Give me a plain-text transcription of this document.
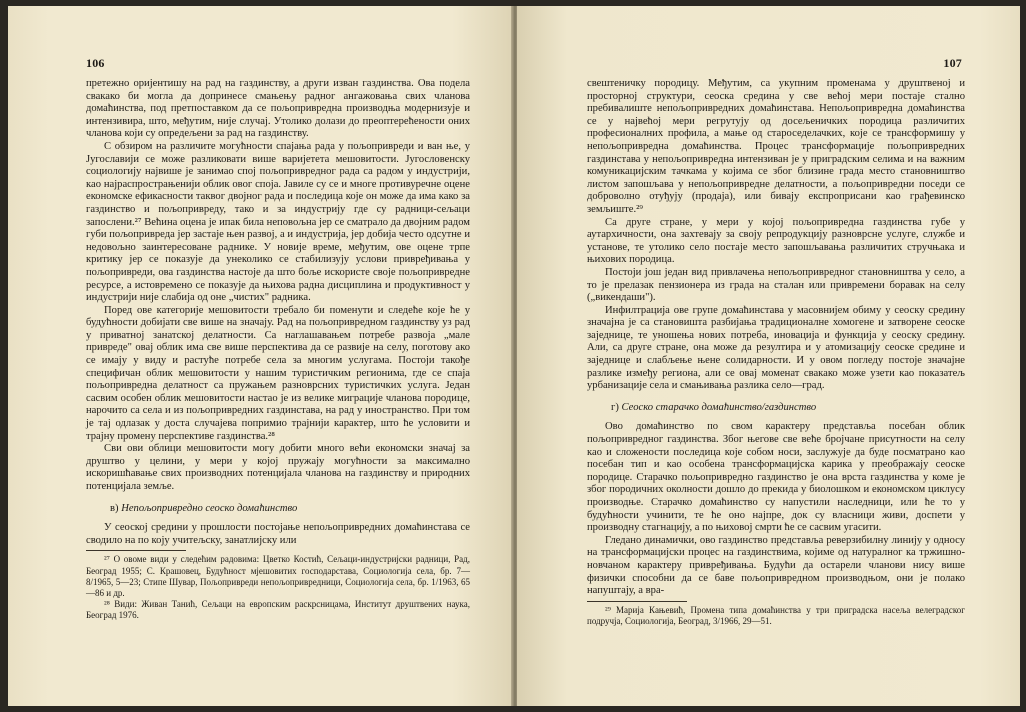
106

претежно оријентишу на рад на газдинству, а други изван газдинства. Ова подела свакако би могла да допринесе смањењу радног ангажовања свих чланова домаћинства, под претпоставком да се пољопривредна производња модернизује и интензивира, што, међутим, није случај. Утолико долази до преоптерећености оних чланова који су опредељени за рад на газдинству.

С обзиром на различите могућности спајања рада у пољопривреди и ван ње, у Југославији се може разликовати више варијетета мешовитости. Југословенску социологију највише је занимао спој пољопривредног рада са радом у индустрији, као најраспрострањенији облик овог споја. Јавиле су се и многе противуречне оцене економске ефикасности таквог двојног рада и последица које он може да има како за газдинство и пољопривреду, тако и за индустрију где су радници-сељаци запослени.²⁷ Већина оцена је ипак била неповољна јер се сматрало да двојним радом губи пољопривреда јер застаје њен развој, а и индустрија, јер добија често одсутне и недовољно заинтересоване раднике. У новије време, међутим, ове оцене трпе критику јер се показује да унеколико се стабилизују услови привређивања у пољопривреди, ова газдинства настоје да што боље искористе своје пољопривредне ресурсе, а истовремено се показује да њихова радна дисциплина и продуктивност у индустрији није слабија од оне „чистих" радника.

Поред ове категорије мешовитости требало би поменути и следеће које ће у будућности добијати све више на значају. Рад на пољопривредном газдинству уз рад у приватној занатској делатности. Са наглашавањем потребе развоја „мале привреде" овај облик има све више перспектива да се развије на селу, поготову ако се имају у виду и растуће потребе села за многим услугама. Постоји такође специфичан облик мешовитости у нашим туристичким регионима, где се спаја пољопривредна делатност са пружањем разноврсних туристичких услуга. Један сасвим особен облик мешовитости настао је из велике миграције чланова породице, нарочито са села и из пољопривредних газдинстава, на рад у иностранство. При том је тај одлазак у доста случајева попримио трајнији карактер, што ће условити и трајну промену перспективе газдинства.²⁸

Сви ови облици мешовитости могу добити много већи економски значај за друштво у целини, у мери у којој пружају могућности за максимално искоришћавање свих производних потенцијала чланова на газдинству и природних потенцијала земље.

в) Непољопривредно сеоско домаћинство

У сеоској средини у прошлости постојање непољопривредних домаћинстава се сводило на по коју учитељску, занатлијску или

²⁷ О овоме види у следећим радовима: Цветко Костић, Сељаци-индустријски радници, Рад, Београд 1955; С. Крашовец, Будућност мјешовитих господарстава, Социологија села, бр. 7—8/1965, 5—23; Стипе Шувар, Пољопривреди непољопривредници, Социологија села, бр. 1/1963, 65—86 и др.

²⁸ Види: Живан Танић, Сељаци на европским раскрсницама, Институт друштвених наука, Београд 1976.

107

свештеничку породицу. Међутим, са укупним променама у друштвеној и просторној структури, сеоска средина у све већој мери постаје стално пребивалиште непољопривредних домаћинстава. Непољопривредна домаћинства се у највећој мери регрутују од досељеничких породица различитих професионалних профила, а мање од староседелачких, које се трансформишу у непољопривредна домаћинства. Процес трансформације пољопривредних газдинстава у непољопривредна интензиван је у приградским селима и на важним комуникацијским тачкама у којима се због близине града место становништво листом запошљава у непољопривредне делатности, а пољопривредни поседи се доброволно отуђују (продаја), или бивају експроприсани као грађевинско земљиште.²⁹

Са друге стране, у мери у којој пољопривредна газдинства губе у аутархичности, она захтевају за своју репродукцију разноврсне услуге, службе и установе, те утолико село постаје место запошљавања различитих стручњака и њихових породица.

Постоји још један вид привлачења непољопривредног становништва у село, а то је прелазак пензионера из града на сталан или привремени боравак на селу („викендаши").

Инфилтрација ове групе домаћинстава у масовнијем обиму у сеоску средину значајна је са становишта разбијања традиционалне хомогене и затворене сеоске заједнице, те уношења нових потреба, иновација и функција у сеоску средину. Али, са друге стране, она може да резултира и у атомизацију сеоске средине и заједнице и слабљење њене солидарности. И у овом погледу постоје значајне разлике између региона, али се овај моменат свакако може узети као показатељ урбанизације села и смањивања разлика село—град.

г) Сеоско старачко домаћинство/газдинство

Ово домаћинство по свом карактеру представља посебан облик пољопривредног газдинства. Због његове све веће бројчане присутности на селу као и сложености последица које собом носи, заслужује да буде посматрано као посебан тип и као особена трансформацијска карика у преображају сеоске породице. Старачко пољопривредно газдинство је она врста газдинства у коме је због породичних околности дошло до прекида у биолошком и економском циклусу производње. Старачко домаћинство су напустили наследници, или ће то у будућности учинити, те ће оно најпре, док су власници живи, доспети у производну стагнацију, а по њиховој смрти ће се сасвим угасити.

Гледано динамички, ово газдинство представља реверзибилну линију у односу на трансформацијски процес на газдинствима, којиме од натуралног ка тржишно-новчаном карактеру привређивања. Будући да остарели чланови нису више физички способни да се баве пољопривредном производњом, они је полако напуштају, а вра-

²⁹ Марија Кањевић, Промена типа домаћинства у три приградска насеља велеградског подручја, Социологија, Београд, 3/1966, 29—51.
